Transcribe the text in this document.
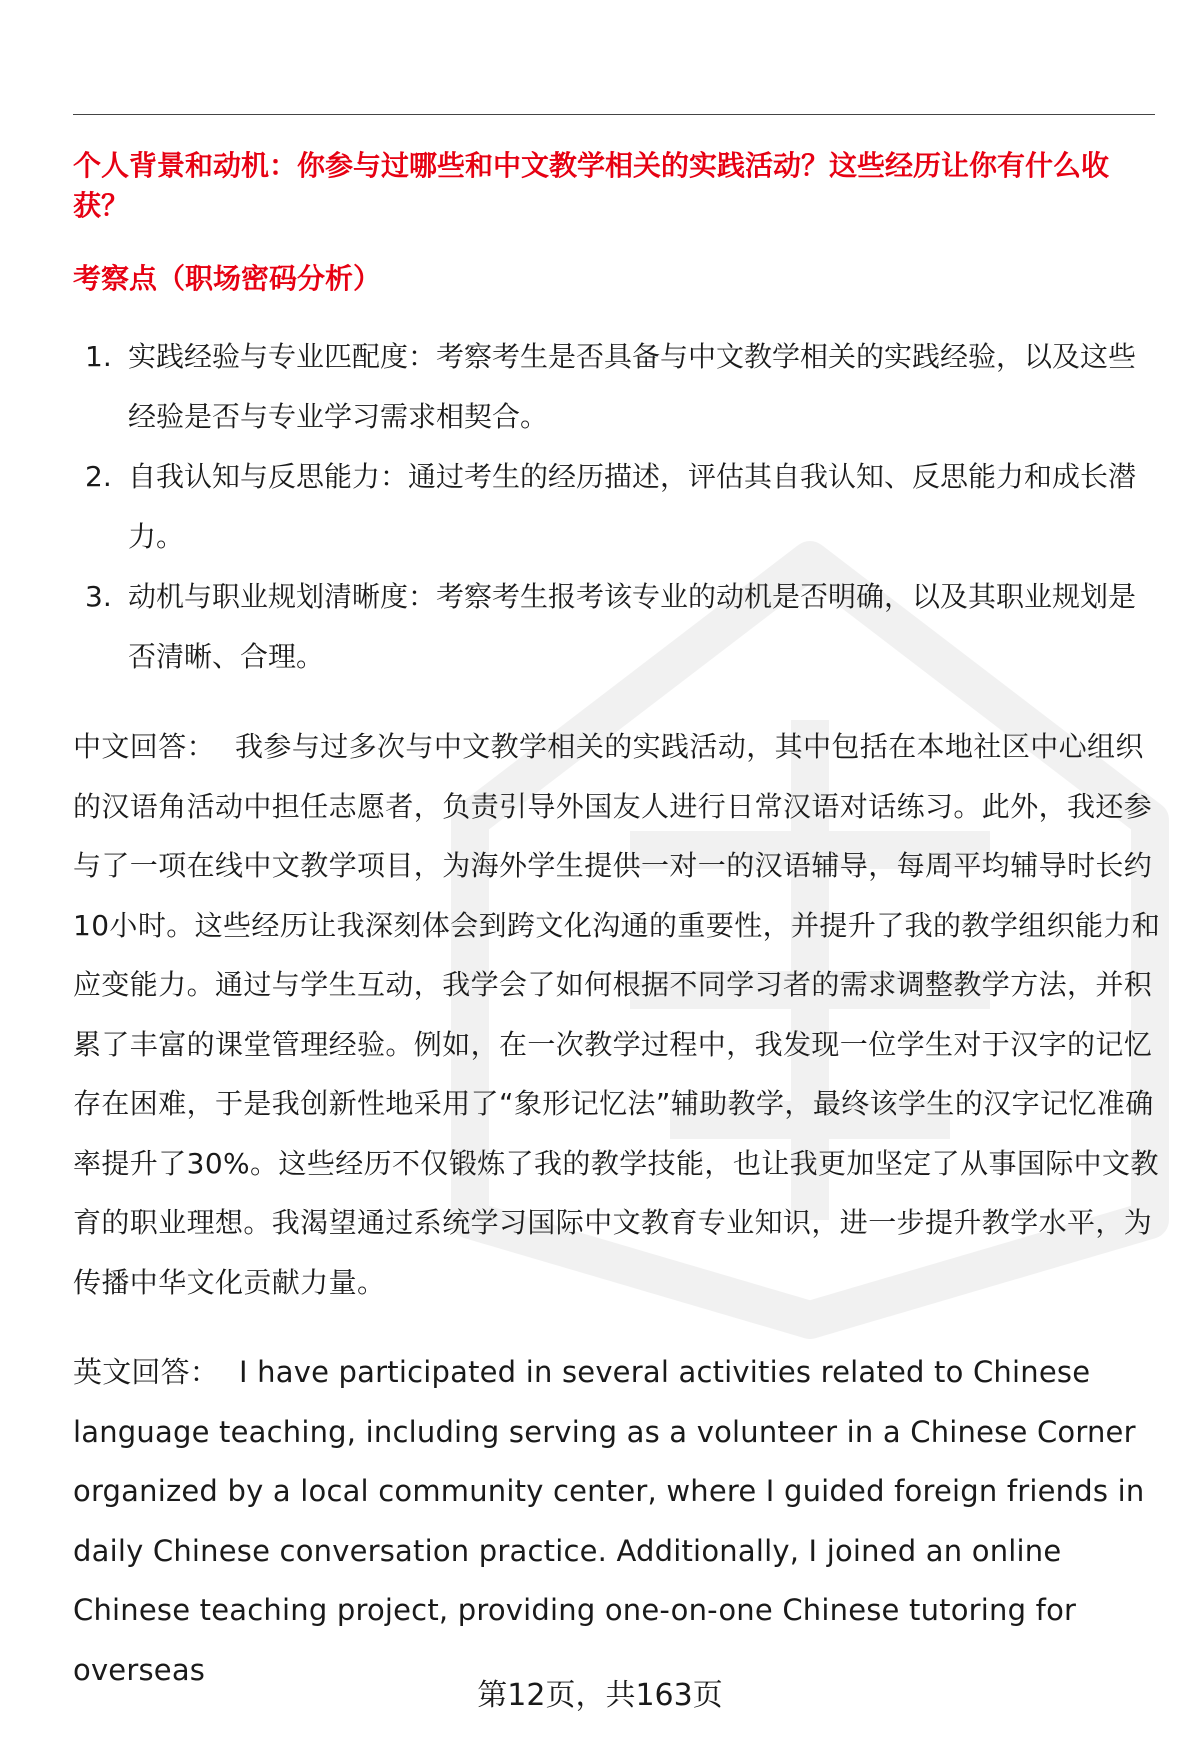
个人背景和动机：你参与过哪些和中文教学相关的实践活动？这些经历让你有什么收获？
考察点（职场密码分析）
1. 实践经验与专业匹配度：考察考生是否具备与中文教学相关的实践经验，以及这些经验是否与专业学习需求相契合。
2. 自我认知与反思能力：通过考生的经历描述，评估其自我认知、反思能力和成长潜力。
3. 动机与职业规划清晰度：考察考生报考该专业的动机是否明确，以及其职业规划是否清晰、合理。

中文回答： 我参与过多次与中文教学相关的实践活动，其中包括在本地社区中心组织的汉语角活动中担任志愿者，负责引导外国友人进行日常汉语对话练习。此外，我还参与了一项在线中文教学项目，为海外学生提供一对一的汉语辅导，每周平均辅导时长约10小时。这些经历让我深刻体会到跨文化沟通的重要性，并提升了我的教学组织能力和应变能力。通过与学生互动，我学会了如何根据不同学习者的需求调整教学方法，并积累了丰富的课堂管理经验。例如，在一次教学过程中，我发现一位学生对于汉字的记忆存在困难，于是我创新性地采用了“象形记忆法”辅助教学，最终该学生的汉字记忆准确率提升了30%。这些经历不仅锻炼了我的教学技能，也让我更加坚定了从事国际中文教育的职业理想。我渴望通过系统学习国际中文教育专业知识，进一步提升教学水平，为传播中华文化贡献力量。

英文回答： I have participated in several activities related to Chinese language teaching, including serving as a volunteer in a Chinese Corner organized by a local community center, where I guided foreign friends in daily Chinese conversation practice. Additionally, I joined an online Chinese teaching project, providing one-on-one Chinese tutoring for overseas

第12页，共163页
